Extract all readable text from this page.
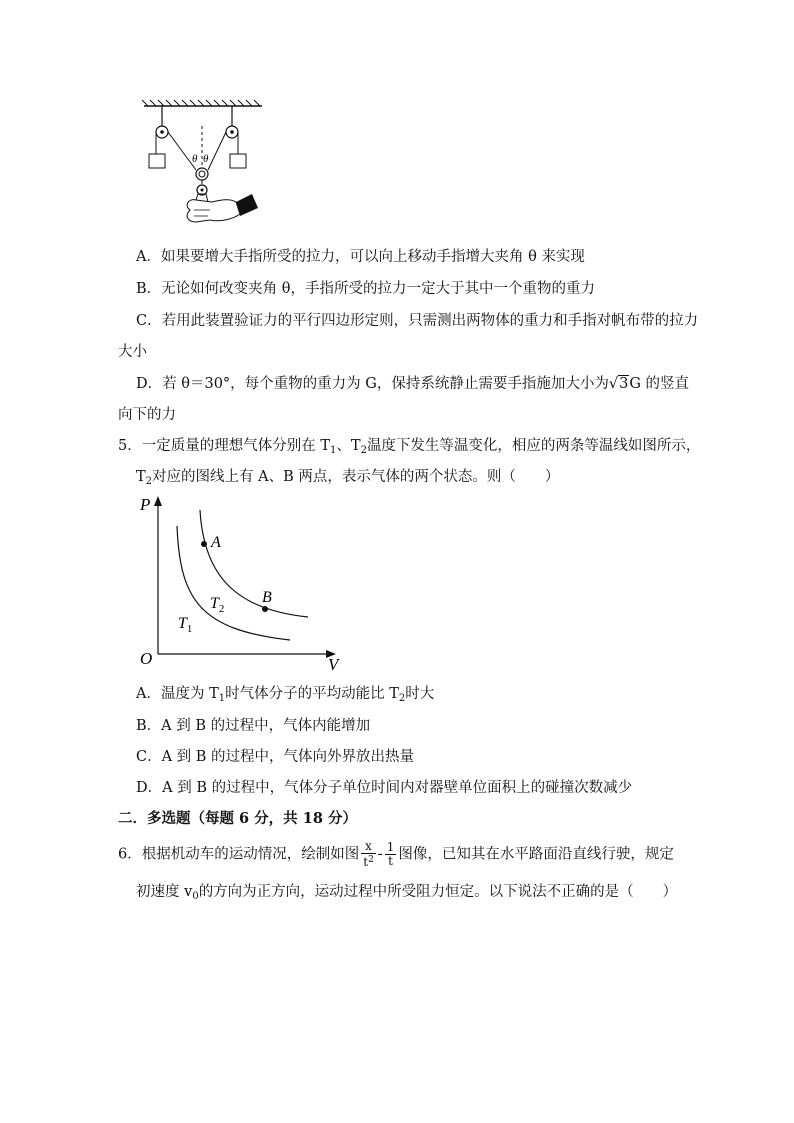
θ θ
A．如果要增大手指所受的拉力，可以向上移动手指增大夹角 θ 来实现
B．无论如何改变夹角 θ，手指所受的拉力一定大于其中一个重物的重力
C．若用此装置验证力的平行四边形定则，只需测出两物体的重力和手指对帆布带的拉力
大小
D．若 θ＝30°，每个重物的重力为 G，保持系统静止需要手指施加大小为√3G 的竖直
向下的力
5．一定质量的理想气体分别在 $T_1$、$T_2$温度下发生等温变化，相应的两条等温线如图所示，
$T_2$对应的图线上有 A、B 两点，表示气体的两个状态。则（　　）
P
V
O
A
B
$T_2$
$T_1$
A．温度为 $T_1$时气体分子的平均动能比 $T_2$时大
B．A 到 B 的过程中，气体内能增加
C．A 到 B 的过程中，气体向外界放出热量
D．A 到 B 的过程中，气体分子单位时间内对器壁单位面积上的碰撞次数减少
二．多选题（每题 6 分，共 18 分）
6．根据机动车的运动情况，绘制如图 $\frac{x}{t^2} - \frac{1}{t}$ 图像，已知其在水平路面沿直线行驶，规定
初速度 $v_0$的方向为正方向，运动过程中所受阻力恒定。以下说法不正确的是（　　）
